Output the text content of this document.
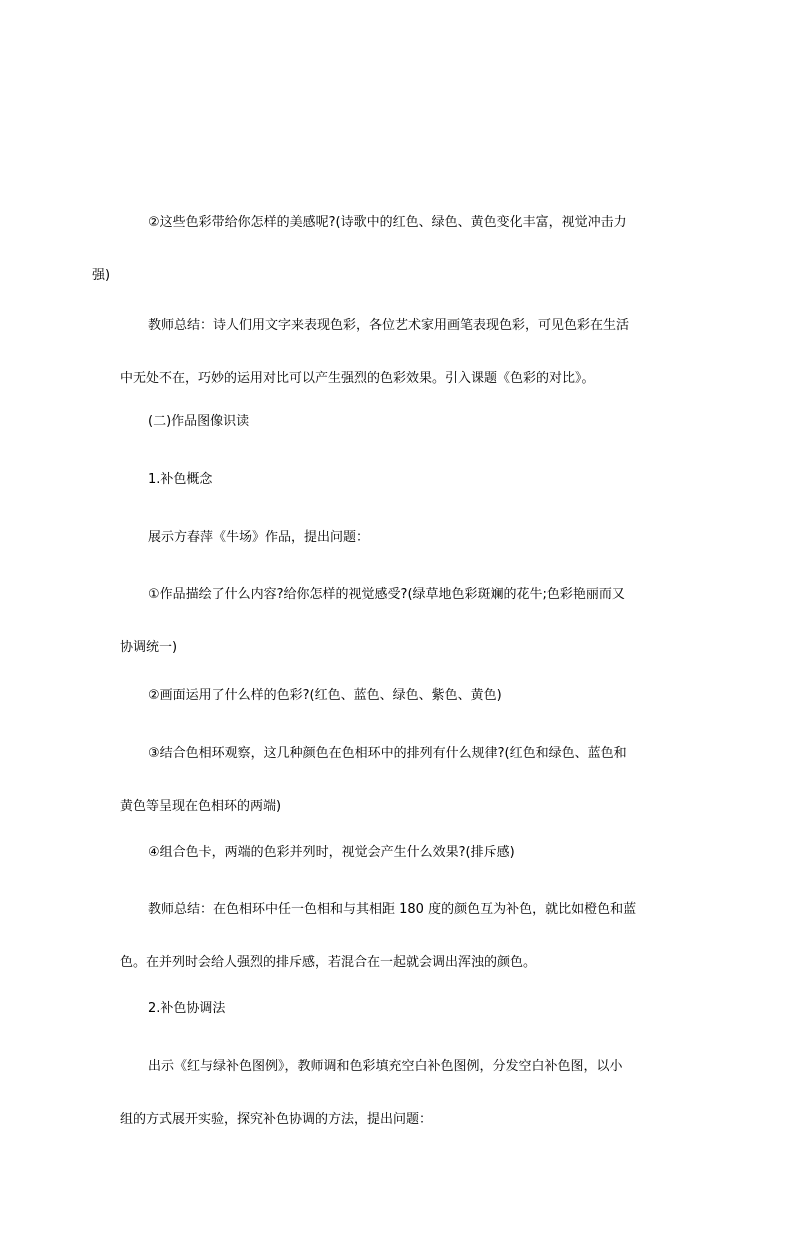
②这些色彩带给你怎样的美感呢?(诗歌中的红色、绿色、黄色变化丰富，视觉冲击力
强)

教师总结：诗人们用文字来表现色彩，各位艺术家用画笔表现色彩，可见色彩在生活
中无处不在，巧妙的运用对比可以产生强烈的色彩效果。引入课题《色彩的对比》。

(二)作品图像识读

1.补色概念

展示方春萍《牛场》作品，提出问题：

①作品描绘了什么内容?给你怎样的视觉感受?(绿草地色彩斑斓的花牛;色彩艳丽而又
协调统一)

②画面运用了什么样的色彩?(红色、蓝色、绿色、紫色、黄色)

③结合色相环观察，这几种颜色在色相环中的排列有什么规律?(红色和绿色、蓝色和
黄色等呈现在色相环的两端)

④组合色卡，两端的色彩并列时，视觉会产生什么效果?(排斥感)

教师总结：在色相环中任一色相和与其相距 180 度的颜色互为补色，就比如橙色和蓝
色。在并列时会给人强烈的排斥感，若混合在一起就会调出浑浊的颜色。

2.补色协调法

出示《红与绿补色图例》，教师调和色彩填充空白补色图例，分发空白补色图，以小
组的方式展开实验，探究补色协调的方法，提出问题：
